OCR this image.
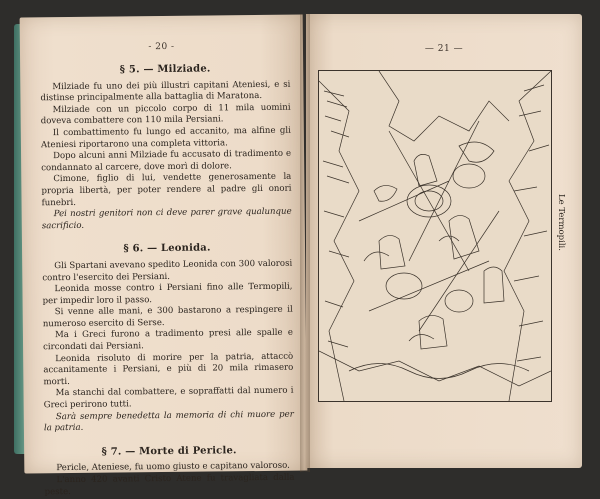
- 20 -
§ 5. — Milziade.

Milziade fu uno dei più illustri capitani Ateniesi, e si distinse principalmente alla battaglia di Maratona.

Milziade con un piccolo corpo di 11 mila uomini doveva combattere con 110 mila Persiani.

Il combattimento fu lungo ed accanito, ma alfine gli Ateniesi riportarono una completa vittoria.

Dopo alcuni anni Milziade fu accusato di tradimento e condannato al carcere, dove morì di dolore.

Cimone, figlio di lui, vendette generosamente la propria libertà, per poter rendere al padre gli onori funebri.

Pei nostri genitori non ci deve parer grave qualunque sacrificio.

§ 6. — Leonida.

Gli Spartani avevano spedito Leonida con 300 valorosi contro l'esercito dei Persiani.

Leonida mosse contro i Persiani fino alle Termopili, per impedir loro il passo.

Si venne alle mani, e 300 bastarono a respingere il numeroso esercito di Serse.

Ma i Greci furono a tradimento presi alle spalle e circondati dai Persiani.

Leonida risoluto di morire per la patria, attaccò accanitamente i Persiani, e più di 20 mila rimasero morti.

Ma stanchi dal combattere, e sopraffatti dal numero i Greci perirono tutti.

Sarà sempre benedetta la memoria di chi muore per la patria.

§ 7. — Morte di Pericle.

Pericle, Ateniese, fu uomo giusto e capitano valoroso.

L'anno 420 avanti Cristo Atene fu travagliata dalla peste.

— 21 —
Le Termopili.
